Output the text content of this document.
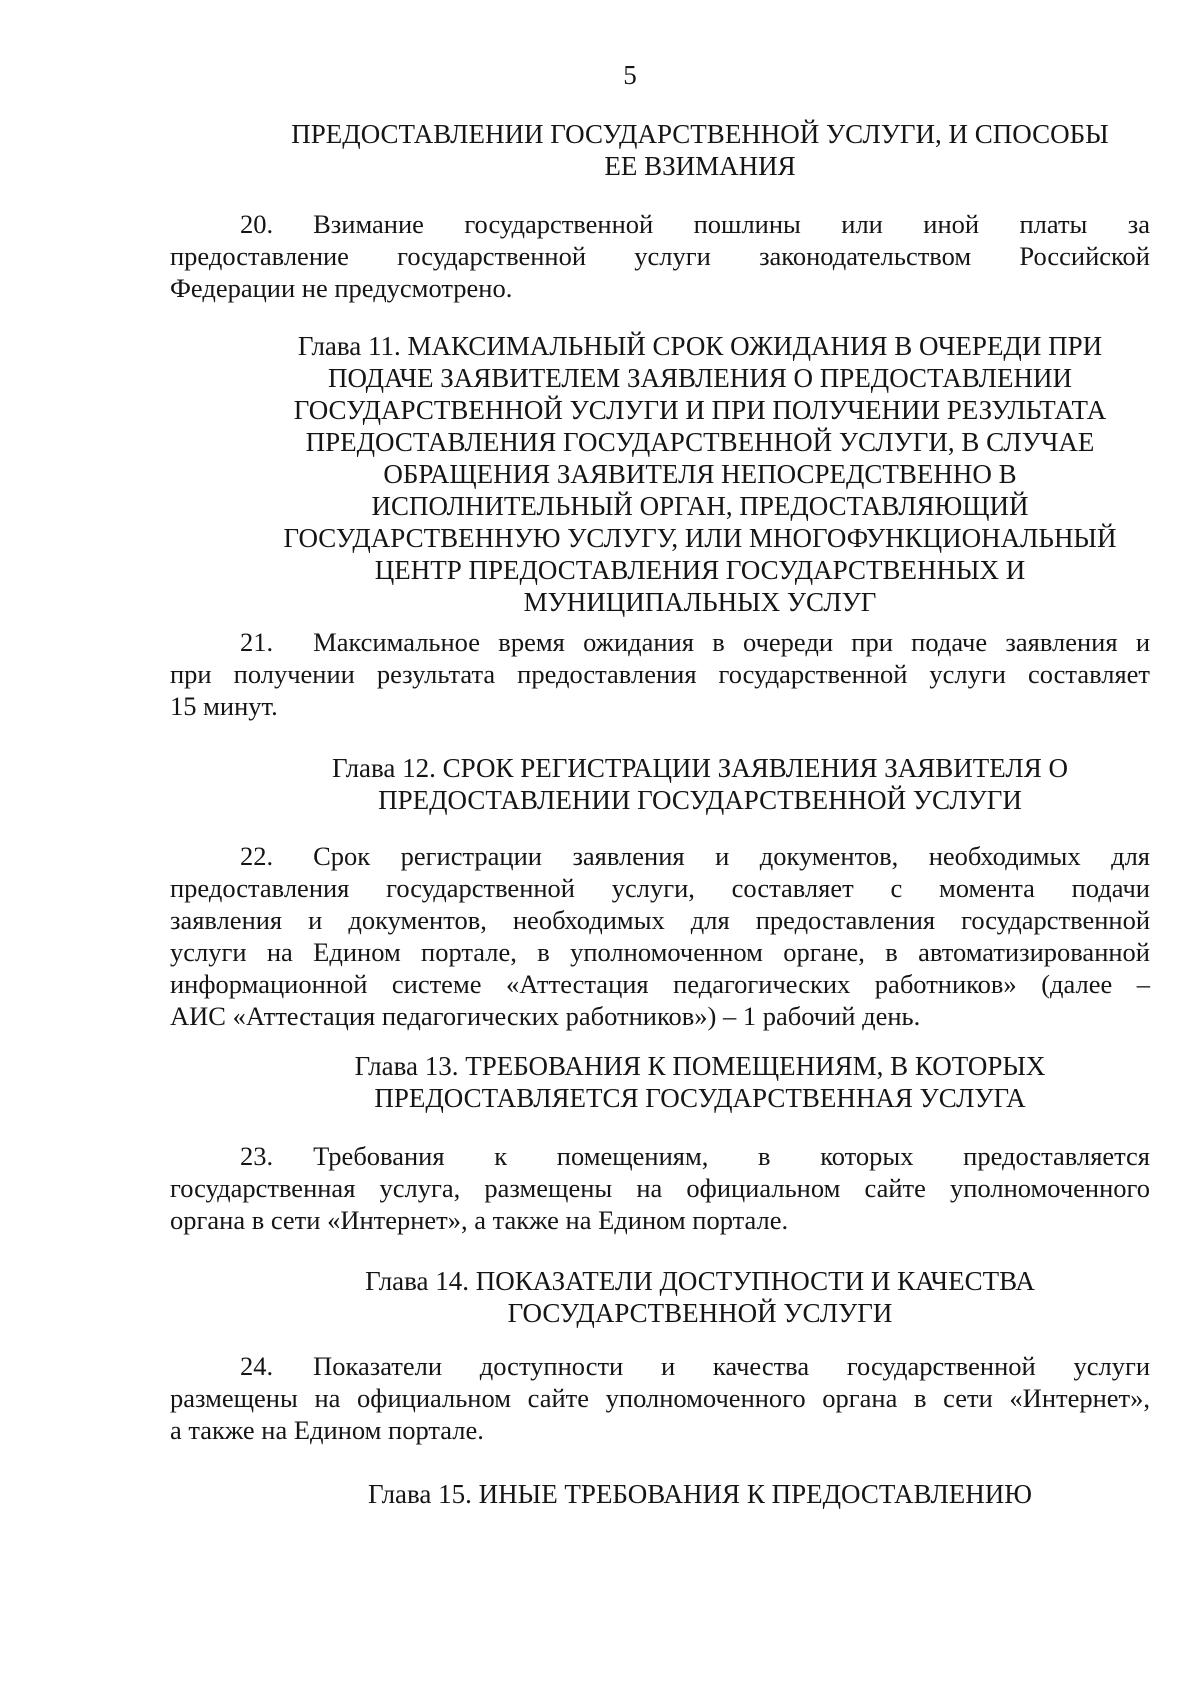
5
ПРЕДОСТАВЛЕНИИ ГОСУДАРСТВЕННОЙ УСЛУГИ, И СПОСОБЫ
ЕЕ ВЗИМАНИЯ
20. Взимание государственной пошлины или иной платы за
предоставление государственной услуги законодательством Российской
Федерации не предусмотрено.
Глава 11. МАКСИМАЛЬНЫЙ СРОК ОЖИДАНИЯ В ОЧЕРЕДИ ПРИ
ПОДАЧЕ ЗАЯВИТЕЛЕМ ЗАЯВЛЕНИЯ О ПРЕДОСТАВЛЕНИИ
ГОСУДАРСТВЕННОЙ УСЛУГИ И ПРИ ПОЛУЧЕНИИ РЕЗУЛЬТАТА
ПРЕДОСТАВЛЕНИЯ ГОСУДАРСТВЕННОЙ УСЛУГИ, В СЛУЧАЕ
ОБРАЩЕНИЯ ЗАЯВИТЕЛЯ НЕПОСРЕДСТВЕННО В
ИСПОЛНИТЕЛЬНЫЙ ОРГАН, ПРЕДОСТАВЛЯЮЩИЙ
ГОСУДАРСТВЕННУЮ УСЛУГУ, ИЛИ МНОГОФУНКЦИОНАЛЬНЫЙ
ЦЕНТР ПРЕДОСТАВЛЕНИЯ ГОСУДАРСТВЕННЫХ И
МУНИЦИПАЛЬНЫХ УСЛУГ
21. Максимальное время ожидания в очереди при подаче заявления и
при получении результата предоставления государственной услуги составляет
15 минут.
Глава 12. СРОК РЕГИСТРАЦИИ ЗАЯВЛЕНИЯ ЗАЯВИТЕЛЯ О
ПРЕДОСТАВЛЕНИИ ГОСУДАРСТВЕННОЙ УСЛУГИ
22. Срок регистрации заявления и документов, необходимых для
предоставления государственной услуги, составляет с момента подачи
заявления и документов, необходимых для предоставления государственной
услуги на Едином портале, в уполномоченном органе, в автоматизированной
информационной системе «Аттестация педагогических работников» (далее –
АИС «Аттестация педагогических работников») – 1 рабочий день.
Глава 13. ТРЕБОВАНИЯ К ПОМЕЩЕНИЯМ, В КОТОРЫХ
ПРЕДОСТАВЛЯЕТСЯ ГОСУДАРСТВЕННАЯ УСЛУГА
23. Требования к помещениям, в которых предоставляется
государственная услуга, размещены на официальном сайте уполномоченного
органа в сети «Интернет», а также на Едином портале.
Глава 14. ПОКАЗАТЕЛИ ДОСТУПНОСТИ И КАЧЕСТВА
ГОСУДАРСТВЕННОЙ УСЛУГИ
24. Показатели доступности и качества государственной услуги
размещены на официальном сайте уполномоченного органа в сети «Интернет»,
а также на Едином портале.
Глава 15. ИНЫЕ ТРЕБОВАНИЯ К ПРЕДОСТАВЛЕНИЮ
